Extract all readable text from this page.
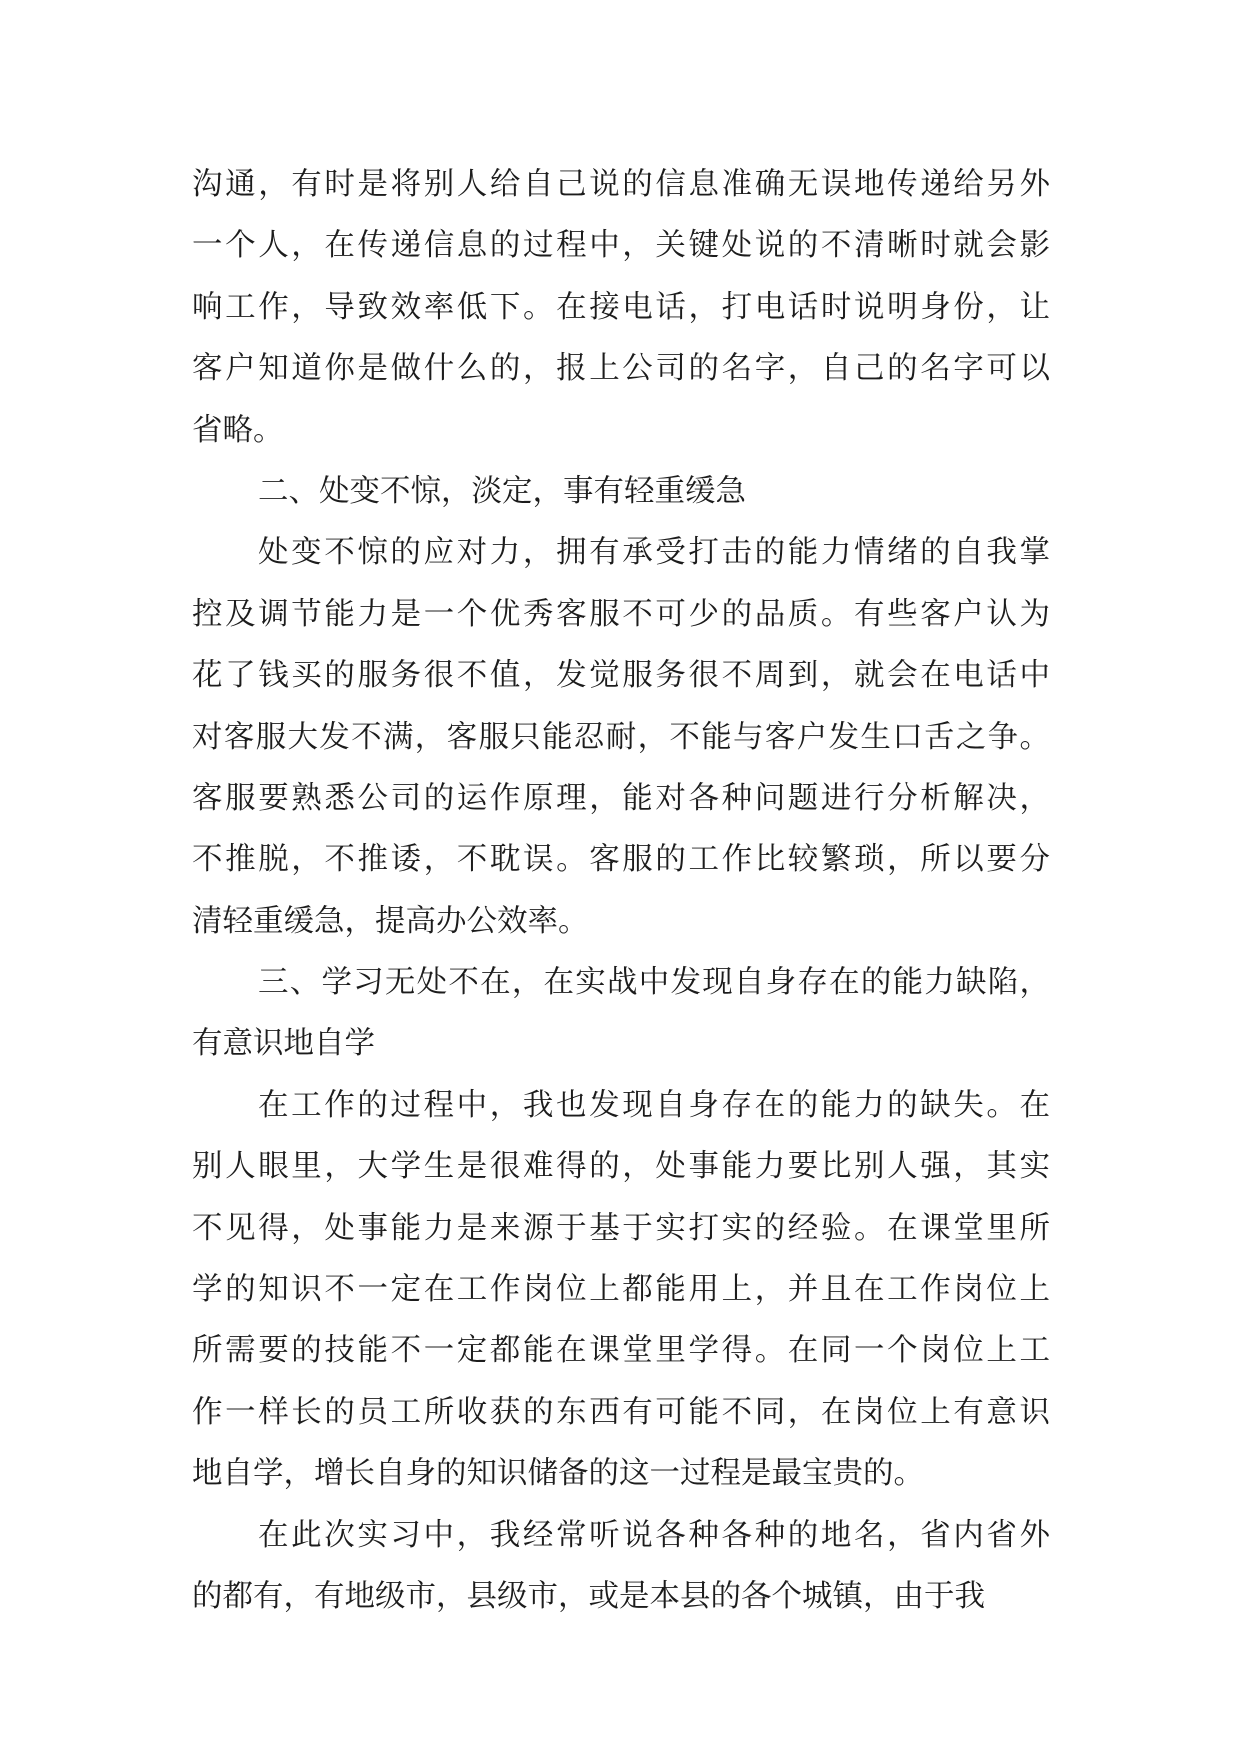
沟通，有时是将别人给自己说的信息准确无误地传递给另外
一个人，在传递信息的过程中，关键处说的不清晰时就会影
响工作，导致效率低下。在接电话，打电话时说明身份，让
客户知道你是做什么的，报上公司的名字，自己的名字可以
省略。
二、处变不惊，淡定，事有轻重缓急
处变不惊的应对力，拥有承受打击的能力情绪的自我掌
控及调节能力是一个优秀客服不可少的品质。有些客户认为
花了钱买的服务很不值，发觉服务很不周到，就会在电话中
对客服大发不满，客服只能忍耐，不能与客户发生口舌之争。
客服要熟悉公司的运作原理，能对各种问题进行分析解决，
不推脱，不推诿，不耽误。客服的工作比较繁琐，所以要分
清轻重缓急，提高办公效率。
三、学习无处不在，在实战中发现自身存在的能力缺陷，
有意识地自学
在工作的过程中，我也发现自身存在的能力的缺失。在
别人眼里，大学生是很难得的，处事能力要比别人强，其实
不见得，处事能力是来源于基于实打实的经验。在课堂里所
学的知识不一定在工作岗位上都能用上，并且在工作岗位上
所需要的技能不一定都能在课堂里学得。在同一个岗位上工
作一样长的员工所收获的东西有可能不同，在岗位上有意识
地自学，增长自身的知识储备的这一过程是最宝贵的。
在此次实习中，我经常听说各种各种的地名，省内省外
的都有，有地级市，县级市，或是本县的各个城镇，由于我
